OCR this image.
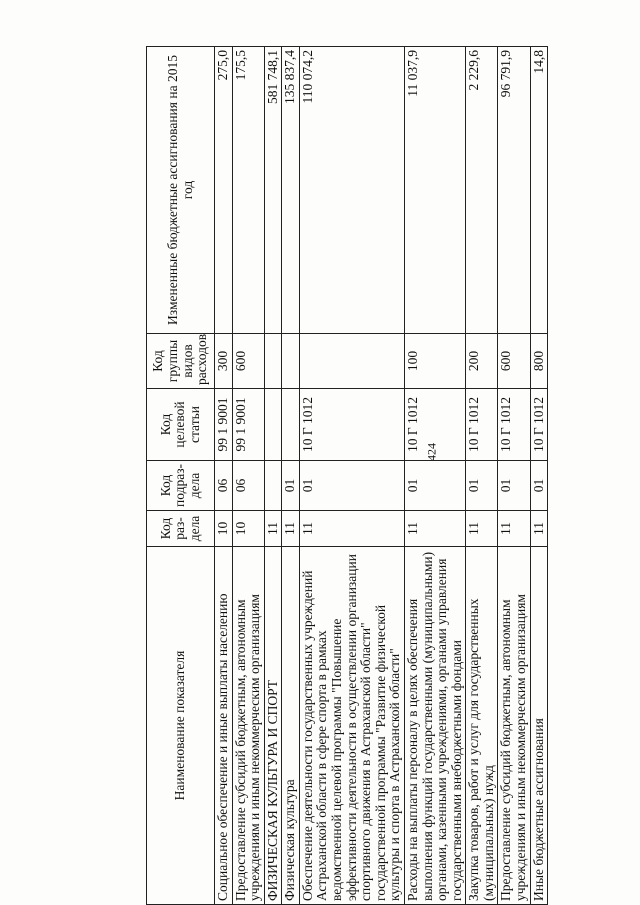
424
Наименование показателя	Код раз-дела	Код подраз-дела	Код целевой статьи	Код группы видов расходов	Измененные бюджетные ассигнования на 2015 год
Социальное обеспечение и иные выплаты населению	10	06	99 1 9001	300	275,0
Предоставление субсидий бюджетным, автономным учреждениям и иным некоммерческим организациям	10	06	99 1 9001	600	175,5
ФИЗИЧЕСКАЯ КУЛЬТУРА И СПОРТ	11				581 748,1
Физическая культура	11	01			135 837,4
Обеспечение деятельности государственных учреждений Астраханской области в сфере спорта в рамках ведомственной целевой программы "Повышение эффективности деятельности в осуществлении организации спортивного движения в Астраханской области" государственной программы "Развитие физической культуры и спорта в Астраханской области"	11	01	10 Г 1012		110 074,2
Расходы на выплаты персоналу в целях обеспечения выполнения функций государственными (муниципальными) органами, казенными учреждениями, органами управления государственными внебюджетными фондами	11	01	10 Г 1012	100	11 037,9
Закупка товаров, работ и услуг для государственных (муниципальных) нужд	11	01	10 Г 1012	200	2 229,6
Предоставление субсидий бюджетным, автономным учреждениям и иным некоммерческим организациям	11	01	10 Г 1012	600	96 791,9
Иные бюджетные ассигнования	11	01	10 Г 1012	800	14,8
